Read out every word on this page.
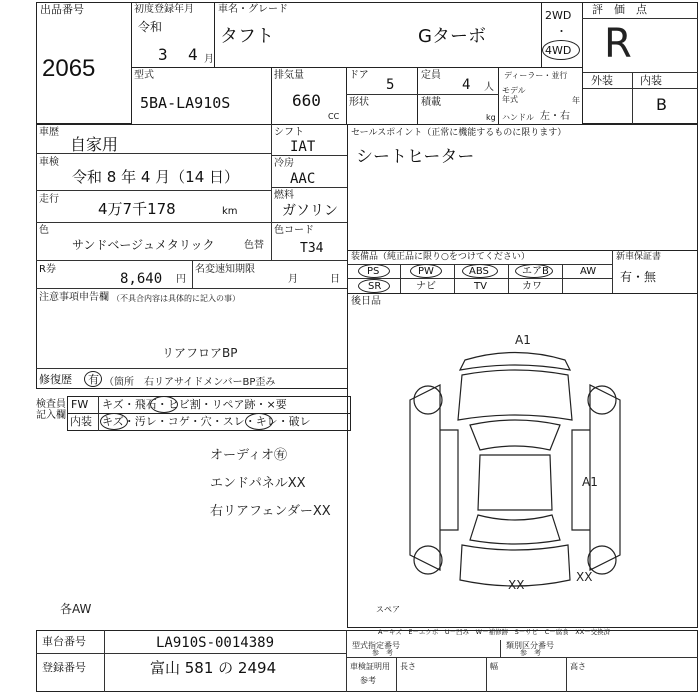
出品番号
2065
初度登録年月
令和
3 4 月
車名・グレード
タフト	Gターボ
2WD
・
4WD
評　価　点
R
外装 内装
B
型式
5BA-LA910S
排気量
660
CC
ドア
5
形状
定員
4 人
積載
kg
ディーラー・並行
モデル
年式	年
ハンドル 左・右
車歴
自家用
車検
令和 8 年 4 月（14 日）
走行
4万7千178	km
色
サンドベージュメタリック	色替
R券
8,640 円
名変速知期限
月	日
シフト
IAT
冷房
AAC
燃料
ガソリン
色コード
T34
注意事項申告欄 （不具合内容は具体的に記入の事）
リアフロアBP
修復歴 有 （箇所　右リアサイドメンバーBP歪み
セールスポイント（正常に機能するものに限ります）
シートヒーター
装備品（純正品に限り○をつけてください）	新車保証書
有・無
PS	PW	ABS	エアB	AW
SR	ナビ	TV	カワ
後日品
検査員
記入欄
FW キズ・飛石・ヒビ割・リペア跡・×要
内装 キズ・汚レ・コゲ・穴・スレ・キレ・破レ
オーディオ㊒
エンドパネルXX
右リアフェンダーXX
各AW
A1
A1
XX
XX
スペア
A－キズ　E－エクボ　U－凹み　W－補修跡　S－サビ　C－腐食　XX－交換済
車台番号	LA910S-0014389
登録番号	富山 581 の 2494
型式指定番号
参　考
類別区分番号
参　考
車検証明用
参考
長さ	幅	高さ
